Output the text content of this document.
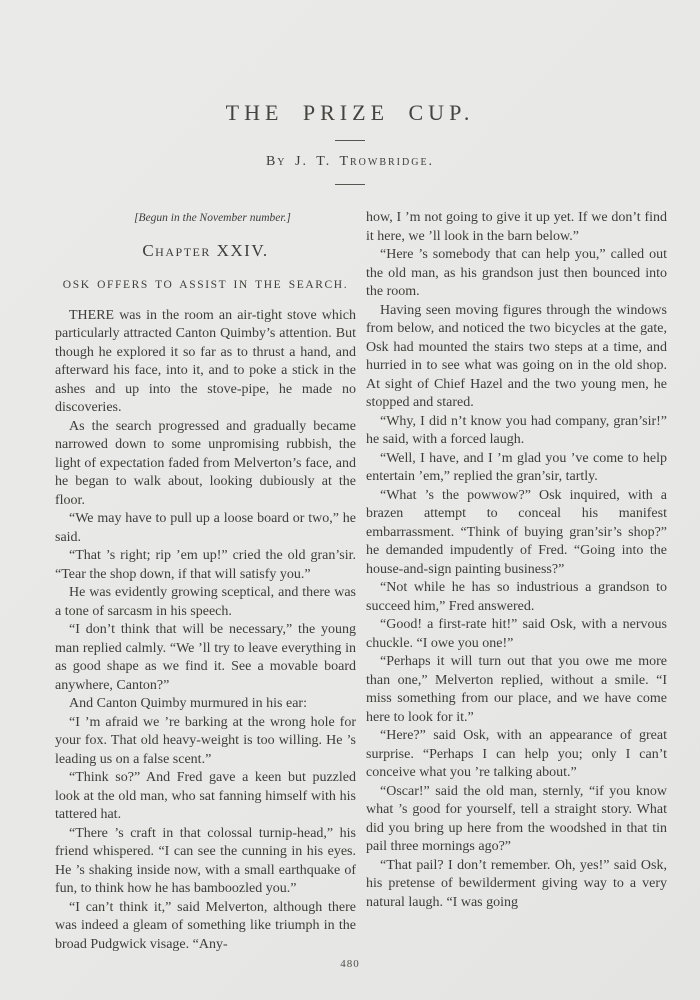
THE PRIZE CUP.
By J. T. Trowbridge.

[Begun in the November number.]

Chapter XXIV.
OSK OFFERS TO ASSIST IN THE SEARCH.

THERE was in the room an air-tight stove which particularly attracted Canton Quimby’s attention. But though he explored it so far as to thrust a hand, and afterward his face, into it, and to poke a stick in the ashes and up into the stove-pipe, he made no discoveries.

As the search progressed and gradually became narrowed down to some unpromising rubbish, the light of expectation faded from Melverton’s face, and he began to walk about, looking dubiously at the floor.

“We may have to pull up a loose board or two,” he said.

“That ’s right; rip ’em up!” cried the old gran’sir. “Tear the shop down, if that will satisfy you.”

He was evidently growing sceptical, and there was a tone of sarcasm in his speech.

“I don’t think that will be necessary,” the young man replied calmly. “We ’ll try to leave everything in as good shape as we find it. See a movable board anywhere, Canton?”

And Canton Quimby murmured in his ear:

“I ’m afraid we ’re barking at the wrong hole for your fox. That old heavy-weight is too willing. He ’s leading us on a false scent.”

“Think so?” And Fred gave a keen but puzzled look at the old man, who sat fanning himself with his tattered hat.

“There ’s craft in that colossal turnip-head,” his friend whispered. “I can see the cunning in his eyes. He ’s shaking inside now, with a small earthquake of fun, to think how he has bamboozled you.”

“I can’t think it,” said Melverton, although there was indeed a gleam of something like triumph in the broad Pudgwick visage. “Any-

how, I ’m not going to give it up yet. If we don’t find it here, we ’ll look in the barn below.”

“Here ’s somebody that can help you,” called out the old man, as his grandson just then bounced into the room.

Having seen moving figures through the windows from below, and noticed the two bicycles at the gate, Osk had mounted the stairs two steps at a time, and hurried in to see what was going on in the old shop. At sight of Chief Hazel and the two young men, he stopped and stared.

“Why, I did n’t know you had company, gran’sir!” he said, with a forced laugh.

“Well, I have, and I ’m glad you ’ve come to help entertain ’em,” replied the gran’sir, tartly.

“What ’s the powwow?” Osk inquired, with a brazen attempt to conceal his manifest embarrassment. “Think of buying gran’sir’s shop?” he demanded impudently of Fred. “Going into the house-and-sign painting business?”

“Not while he has so industrious a grandson to succeed him,” Fred answered.

“Good! a first-rate hit!” said Osk, with a nervous chuckle. “I owe you one!”

“Perhaps it will turn out that you owe me more than one,” Melverton replied, without a smile. “I miss something from our place, and we have come here to look for it.”

“Here?” said Osk, with an appearance of great surprise. “Perhaps I can help you; only I can’t conceive what you ’re talking about.”

“Oscar!” said the old man, sternly, “if you know what ’s good for yourself, tell a straight story. What did you bring up here from the woodshed in that tin pail three mornings ago?”

“That pail? I don’t remember. Oh, yes!” said Osk, his pretense of bewilderment giving way to a very natural laugh. “I was going

480
